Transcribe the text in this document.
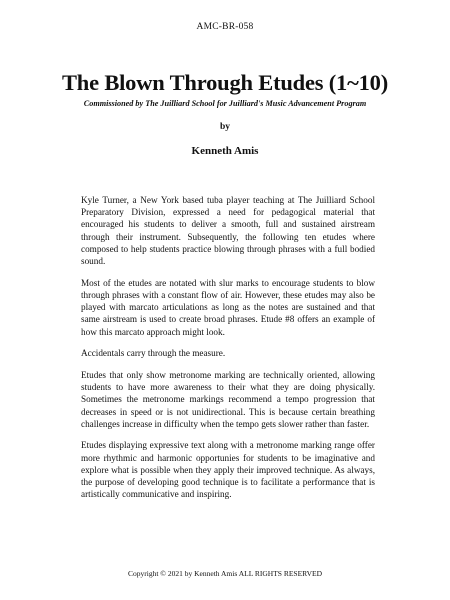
AMC-BR-058
The Blown Through Etudes (1~10)
Commissioned by The Juilliard School for Juilliard's Music Advancement Program
by
Kenneth Amis

Kyle Turner, a New York based tuba player teaching at The Juilliard School Preparatory Division, expressed a need for pedagogical material that encouraged his students to deliver a smooth, full and sustained airstream through their instrument. Subsequently, the following ten etudes where composed to help students practice blowing through phrases with a full bodied sound.

Most of the etudes are notated with slur marks to encourage students to blow through phrases with a constant flow of air. However, these etudes may also be played with marcato articulations as long as the notes are sustained and that same airstream is used to create broad phrases. Etude #8 offers an example of how this marcato approach might look.

Accidentals carry through the measure.

Etudes that only show metronome marking are technically oriented, allowing students to have more awareness to their what they are doing physically. Sometimes the metronome markings recommend a tempo progression that decreases in speed or is not unidirectional. This is because certain breathing challenges increase in difficulty when the tempo gets slower rather than faster.

Etudes displaying expressive text along with a metronome marking range offer more rhythmic and harmonic opportunies for students to be imaginative and explore what is possible when they apply their improved technique. As always, the purpose of developing good technique is to facilitate a performance that is artistically communicative and inspiring.

Copyright © 2021 by Kenneth Amis ALL RIGHTS RESERVED
